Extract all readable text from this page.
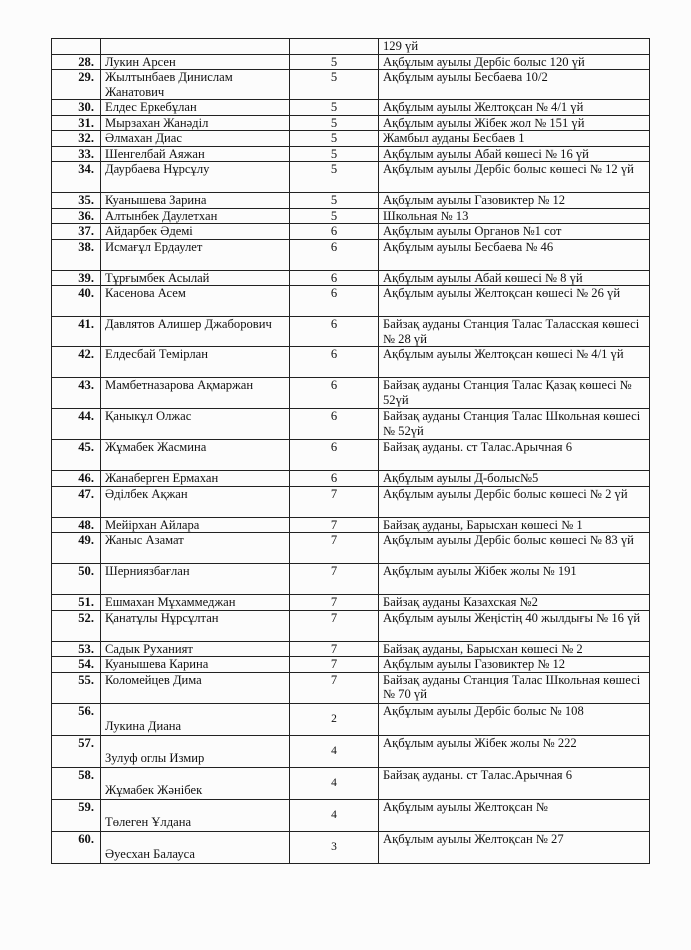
			129 үй
28.	Лукин Арсен	5	Ақбұлым ауылы Дербіс болыс 120 үй
29.	Жылтынбаев Динислам Жанатович	5	Ақбұлым ауылы Бесбаева 10/2
30.	Елдес Еркебұлан	5	Ақбұлым ауылы Желтоқсан № 4/1 үй
31.	Мырзахан Жанәділ	5	Ақбұлым ауылы Жібек жол № 151 үй
32.	Әлмахан Диас	5	Жамбыл ауданы Бесбаев 1
33.	Шенгелбай Аяжан	5	Ақбұлым ауылы Абай көшесі № 16 үй
34.	Даурбаева Нұрсұлу	5	Ақбұлым ауылы Дербіс болыс көшесі № 12 үй
35.	Куанышева Зарина	5	Ақбұлым ауылы Газовиктер № 12
36.	Алтынбек Даулетхан	5	Школьная № 13
37.	Айдарбек Әдемі	6	Ақбұлым ауылы Органов №1 сот
38.	Исмағұл Ердаулет	6	Ақбұлым ауылы Бесбаева № 46
39.	Тұрғымбек Асылай	6	Ақбұлым ауылы Абай көшесі № 8 үй
40.	Касенова Асем	6	Ақбұлым ауылы Желтоқсан көшесі № 26 үй
41.	Давлятов Алишер Джаборович	6	Байзақ ауданы Станция Талас Таласская көшесі № 28 үй
42.	Елдесбай Темірлан	6	Ақбұлым ауылы Желтоқсан көшесі № 4/1 үй
43.	Мамбетназарова Ақмаржан	6	Байзақ ауданы Станция Талас Қазақ көшесі № 52үй
44.	Қаныкұл Олжас	6	Байзақ ауданы Станция Талас Школьная көшесі № 52үй
45.	Жұмабек Жасмина	6	Байзақ ауданы. ст Талас.Арычная 6
46.	Жанаберген Ермахан	6	Ақбұлым ауылы Д-болыс№5
47.	Әділбек Ақжан	7	Ақбұлым ауылы Дербіс болыс көшесі № 2 үй
48.	Мейірхан Айлара	7	Байзақ ауданы, Барысхан көшесі № 1
49.	Жаныс Азамат	7	Ақбұлым ауылы Дербіс болыс көшесі № 83 үй
50.	Шерниязбағлан	7	Ақбұлым ауылы Жібек жолы № 191
51.	Ешмахан Мұхаммеджан	7	Байзақ ауданы Казахская №2
52.	Қанатұлы Нұрсұлтан	7	Ақбұлым ауылы Жеңістің 40 жылдығы № 16 үй
53.	Садык Руханият	7	Байзақ ауданы, Барысхан көшесі № 2
54.	Куанышева Карина	7	Ақбұлым ауылы Газовиктер № 12
55.	Коломейцев Дима	7	Байзақ ауданы Станция Талас Школьная көшесі № 70 үй
56.	Лукина Диана	2	Ақбұлым ауылы Дербіс болыс № 108
57.	Зулуф оглы Измир	4	Ақбұлым ауылы Жібек жолы № 222
58.	Жұмабек Жәнібек	4	Байзақ ауданы. ст Талас.Арычная 6
59.	Төлеген Ұлдана	4	Ақбұлым ауылы Желтоқсан №
60.	Әуесхан Балауса	3	Ақбұлым ауылы Желтоқсан № 27
